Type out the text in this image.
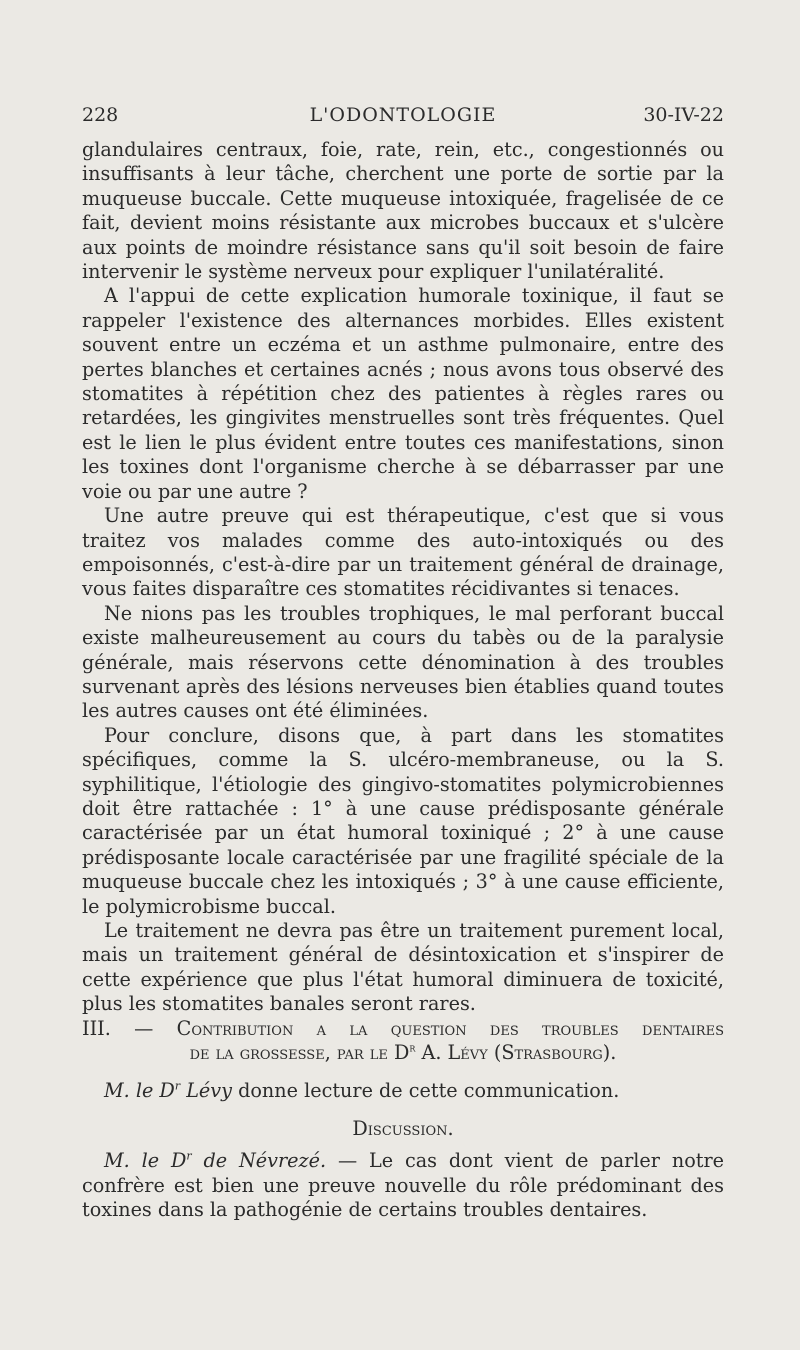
228	L'ODONTOLOGIE	30-IV-22

glandulaires centraux, foie, rate, rein, etc., congestionnés ou insuffisants à leur tâche, cherchent une porte de sortie par la muqueuse buccale. Cette muqueuse intoxiquée, fragelisée de ce fait, devient moins résistante aux microbes buccaux et s'ulcère aux points de moindre résistance sans qu'il soit besoin de faire intervenir le système nerveux pour expliquer l'unilatéralité.

A l'appui de cette explication humorale toxinique, il faut se rappeler l'existence des alternances morbides. Elles existent souvent entre un eczéma et un asthme pulmonaire, entre des pertes blanches et certaines acnés ; nous avons tous observé des stomatites à répétition chez des patientes à règles rares ou retardées, les gingivites menstruelles sont très fréquentes. Quel est le lien le plus évident entre toutes ces manifestations, sinon les toxines dont l'organisme cherche à se débarrasser par une voie ou par une autre ?

Une autre preuve qui est thérapeutique, c'est que si vous traitez vos malades comme des auto-intoxiqués ou des empoisonnés, c'est-à-dire par un traitement général de drainage, vous faites disparaître ces stomatites récidivantes si tenaces.

Ne nions pas les troubles trophiques, le mal perforant buccal existe malheureusement au cours du tabès ou de la paralysie générale, mais réservons cette dénomination à des troubles survenant après des lésions nerveuses bien établies quand toutes les autres causes ont été éliminées.

Pour conclure, disons que, à part dans les stomatites spécifiques, comme la S. ulcéro-membraneuse, ou la S. syphilitique, l'étiologie des gingivo-stomatites polymicrobiennes doit être rattachée : 1° à une cause prédisposante générale caractérisée par un état humoral toxiniqué ; 2° à une cause prédisposante locale caractérisée par une fragilité spéciale de la muqueuse buccale chez les intoxiqués ; 3° à une cause efficiente, le polymicrobisme buccal.

Le traitement ne devra pas être un traitement purement local, mais un traitement général de désintoxication et s'inspirer de cette expérience que plus l'état humoral diminuera de toxicité, plus les stomatites banales seront rares.

III. — Contribution a la question des troubles dentaires
de la grossesse, par le $D^r$ A. Lévy (Strasbourg).

M. le $D^r$ Lévy donne lecture de cette communication.

Discussion.

M. le $D^r$ de Névrezé. — Le cas dont vient de parler notre confrère est bien une preuve nouvelle du rôle prédominant des toxines dans la pathogénie de certains troubles dentaires.
